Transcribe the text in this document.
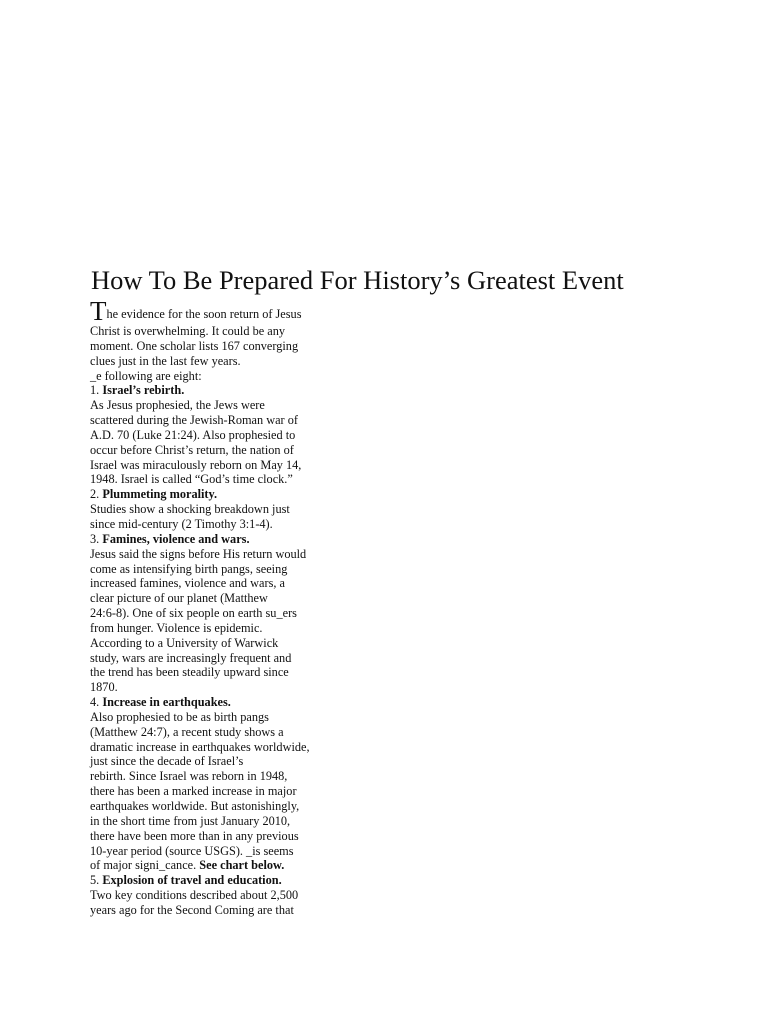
How To Be Prepared For History’s Greatest Event
The evidence for the soon return of Jesus
Christ is overwhelming. It could be any
moment. One scholar lists 167 converging
clues just in the last few years.
_e following are eight:
1. Israel’s rebirth.
As Jesus prophesied, the Jews were
scattered during the Jewish-Roman war of
A.D. 70 (Luke 21:24). Also prophesied to
occur before Christ’s return, the nation of
Israel was miraculously reborn on May 14,
1948. Israel is called “God’s time clock.”
2. Plummeting morality.
Studies show a shocking breakdown just
since mid-century (2 Timothy 3:1-4).
3. Famines, violence and wars.
Jesus said the signs before His return would
come as intensifying birth pangs, seeing
increased famines, violence and wars, a
clear picture of our planet (Matthew
24:6-8). One of six people on earth su_ers
from hunger. Violence is epidemic.
According to a University of Warwick
study, wars are increasingly frequent and
the trend has been steadily upward since
1870.
4. Increase in earthquakes.
Also prophesied to be as birth pangs
(Matthew 24:7), a recent study shows a
dramatic increase in earthquakes worldwide,
just since the decade of Israel’s
rebirth. Since Israel was reborn in 1948,
there has been a marked increase in major
earthquakes worldwide. But astonishingly,
in the short time from just January 2010,
there have been more than in any previous
10-year period (source USGS). _is seems
of major signi_cance. See chart below.
5. Explosion of travel and education.
Two key conditions described about 2,500
years ago for the Second Coming are that
